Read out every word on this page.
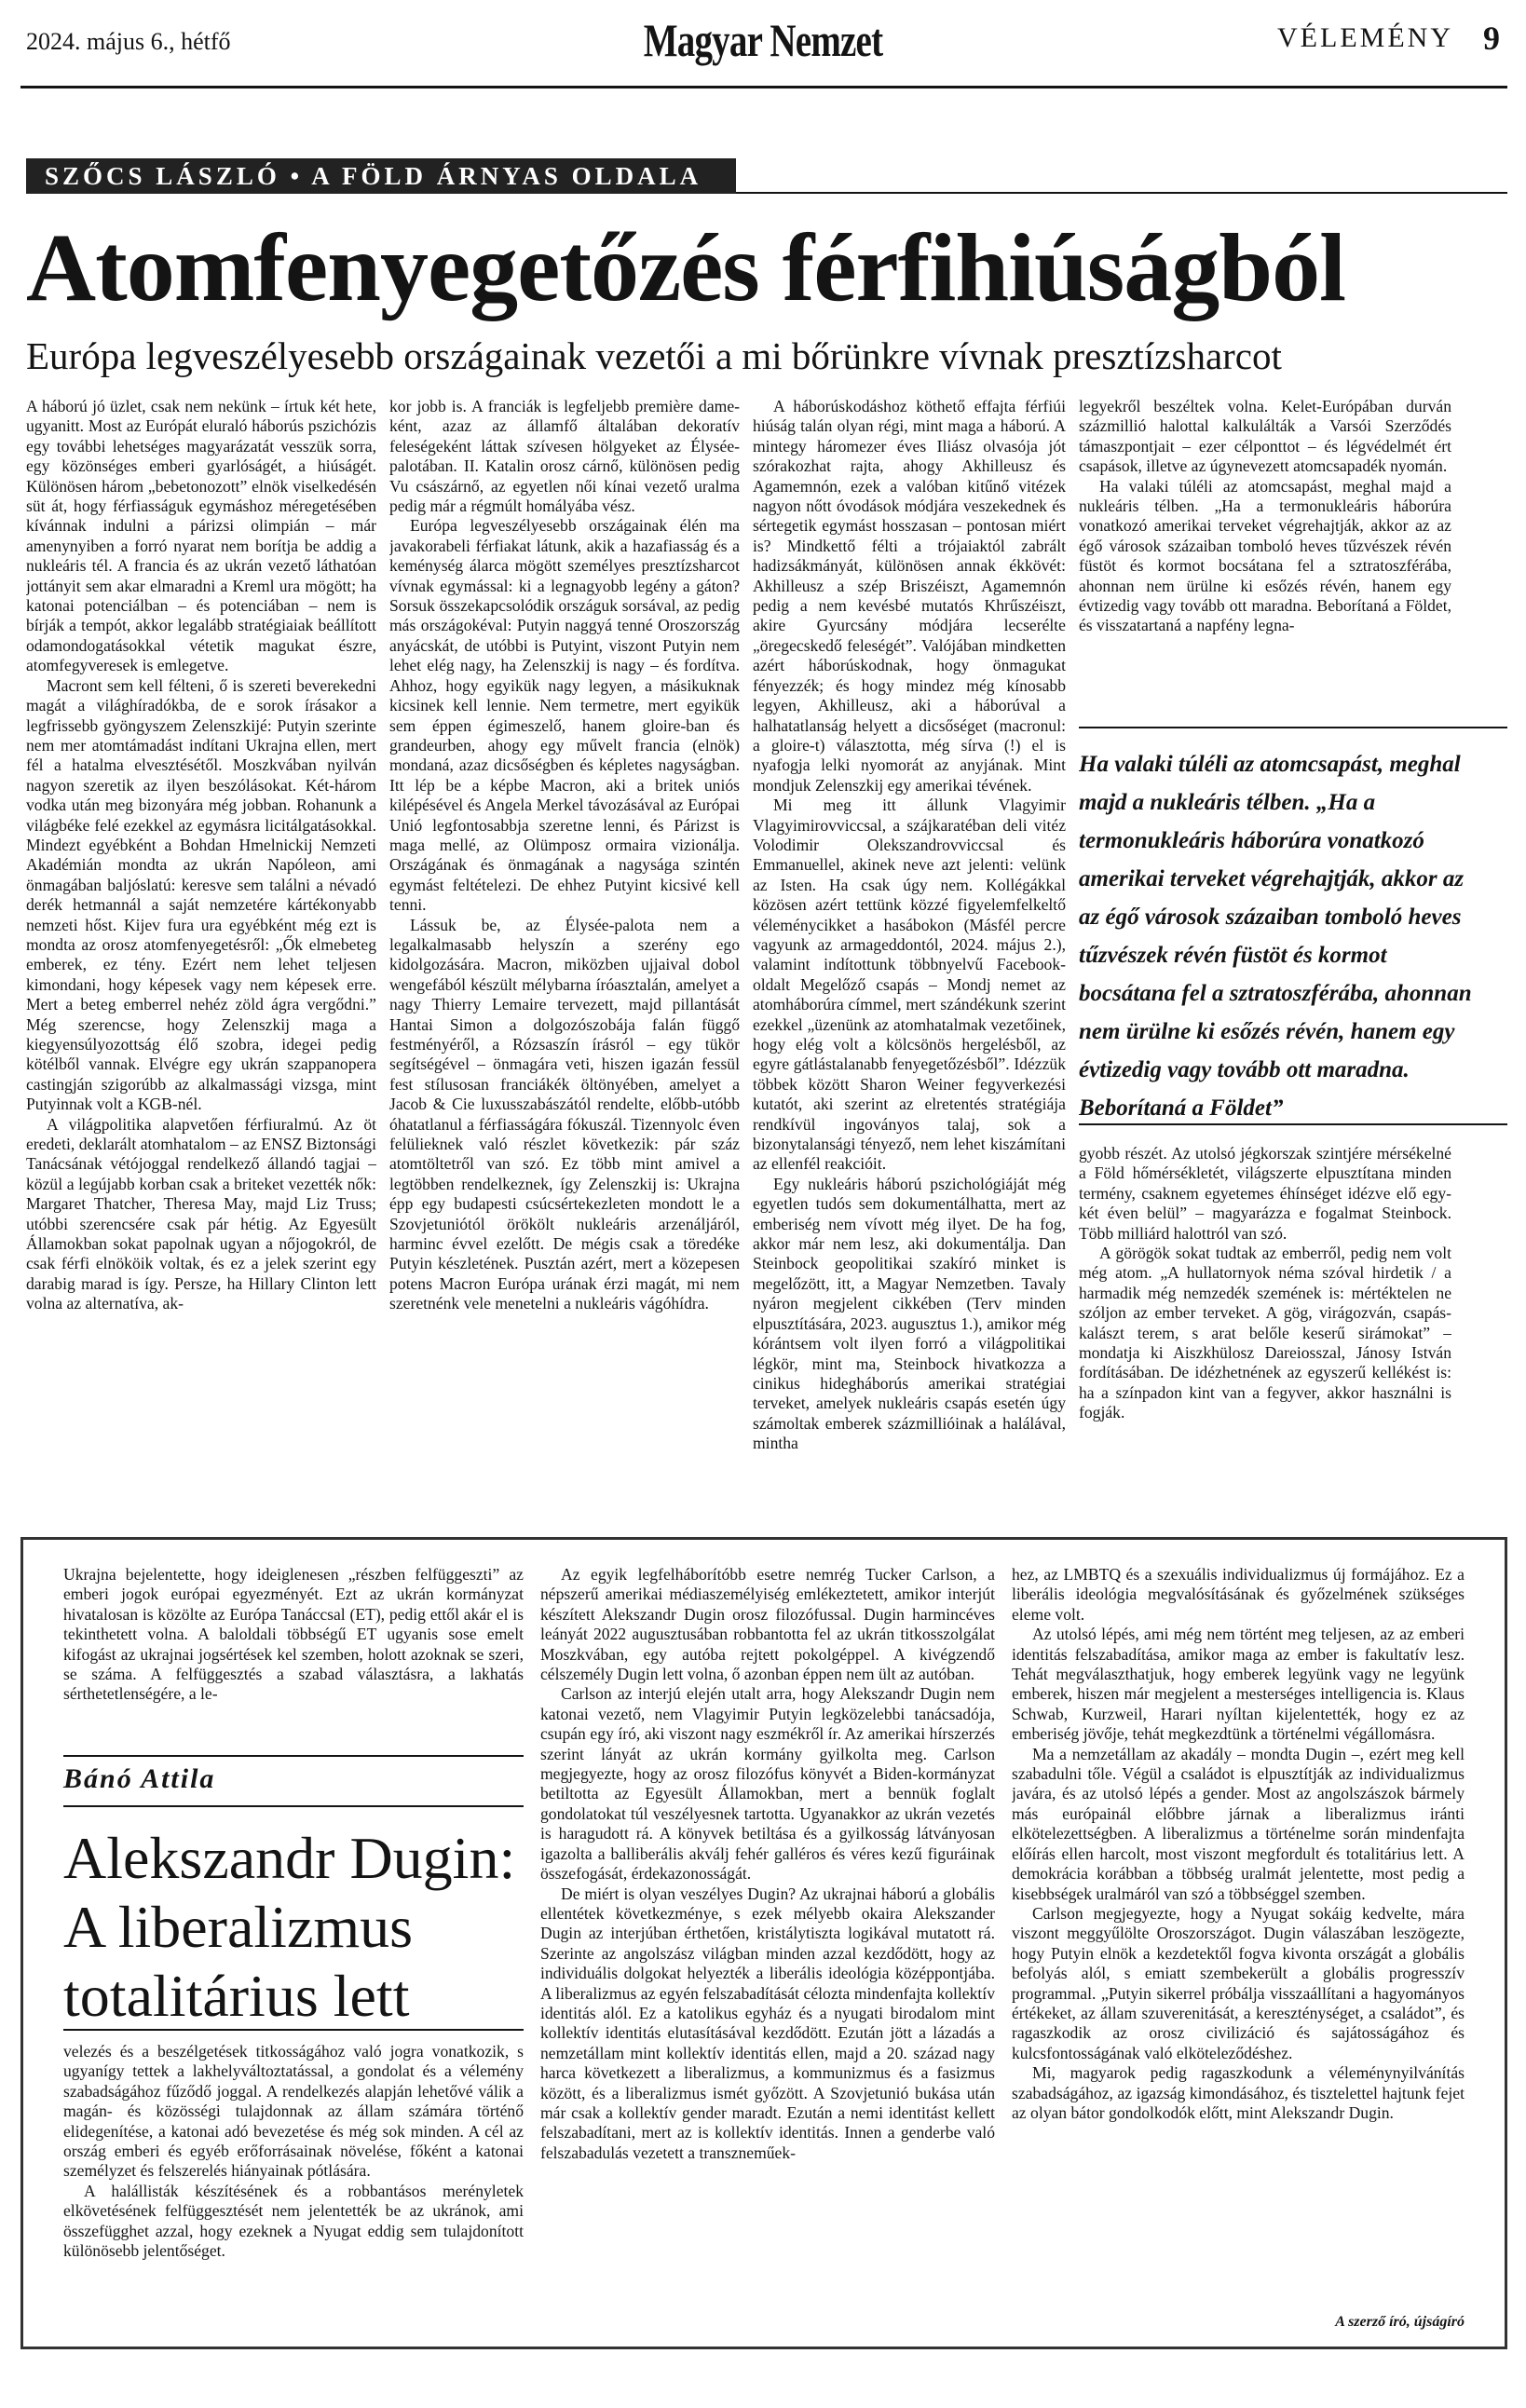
2024. május 6., hétfő	Magyar Nemzet	VÉLEMÉNY 9
SZŐCS LÁSZLÓ • A FÖLD ÁRNYAS OLDALA
Atomfenyegetőzés férfihiúságból
Európa legveszélyesebb országainak vezetői a mi bőrünkre vívnak presztízsharcot

A háború jó üzlet, csak nem nekünk – írtuk két hete, ugyanitt. Most az Európát eluraló háborús pszichózis egy további lehetséges magyarázatát vesszük sorra, egy közönséges emberi gyarlóságét, a hiúságét. Különösen három „bebetonozott” elnök viselkedésén süt át, hogy férfiasságuk egymáshoz méregetésében kívánnak indulni a párizsi olimpián – már amenynyiben a forró nyarat nem borítja be addig a nukleáris tél. A francia és az ukrán vezető láthatóan jottányit sem akar elmaradni a Kreml ura mögött; ha katonai potenciálban – és potenciában – nem is bírják a tempót, akkor legalább stratégiaiak beállított odamondogatásokkal vétetik magukat észre, atomfegyveresek is emlegetve.

Macront sem kell félteni, ő is szereti beverekedni magát a világhíradókba, de e sorok írásakor a legfrissebb gyöngyszem Zelenszkijé: Putyin szerinte nem mer atomtámadást indítani Ukrajna ellen, mert fél a hatalma elvesztésétől. Moszkvában nyilván nagyon szeretik az ilyen beszólásokat. Két-három vodka után meg bizonyára még jobban. Rohanunk a világbéke felé ezekkel az egymásra licitálgatásokkal. Mindezt egyébként a Bohdan Hmelnickij Nemzeti Akadémián mondta az ukrán Napóleon, ami önmagában baljóslatú: keresve sem találni a névadó derék hetmannál a saját nemzetére kártékonyabb nemzeti hőst. Kijev fura ura egyébként még ezt is mondta az orosz atomfenyegetésről: „Ők elmebeteg emberek, ez tény. Ezért nem lehet teljesen kimondani, hogy képesek vagy nem képesek erre. Mert a beteg emberrel nehéz zöld ágra vergődni.” Még szerencse, hogy Zelenszkij maga a kiegyensúlyozottság élő szobra, idegei pedig kötélből vannak. Elvégre egy ukrán szappanopera castingján szigorúbb az alkalmassági vizsga, mint Putyinnak volt a KGB-nél.

A világpolitika alapvetően férfiuralmú. Az öt eredeti, deklarált atomhatalom – az ENSZ Biztonsági Tanácsának vétójoggal rendelkező állandó tagjai – közül a legújabb korban csak a briteket vezették nők: Margaret Thatcher, Theresa May, majd Liz Truss; utóbbi szerencsére csak pár hétig. Az Egyesült Államokban sokat papolnak ugyan a nőjogokról, de csak férfi elnököik voltak, és ez a jelek szerint egy darabig marad is így. Persze, ha Hillary Clinton lett volna az alternatíva, ak-

kor jobb is. A franciák is legfeljebb première dame-ként, azaz az államfő általában dekoratív feleségeként láttak szívesen hölgyeket az Élysée-palotában. II. Katalin orosz cárnő, különösen pedig Vu császárnő, az egyetlen női kínai vezető uralma pedig már a régmúlt homályába vész.

Európa legveszélyesebb országainak élén ma javakorabeli férfiakat látunk, akik a hazafiasság és a keménység álarca mögött személyes presztízsharcot vívnak egymással: ki a legnagyobb legény a gáton? Sorsuk összekapcsolódik országuk sorsával, az pedig más országokéval: Putyin naggyá tenné Oroszország anyácskát, de utóbbi is Putyint, viszont Putyin nem lehet elég nagy, ha Zelenszkij is nagy – és fordítva. Ahhoz, hogy egyikük nagy legyen, a másikuknak kicsinek kell lennie. Nem termetre, mert egyikük sem éppen égimeszelő, hanem gloire-ban és grandeurben, ahogy egy művelt francia (elnök) mondaná, azaz dicsőségben és képletes nagyságban. Itt lép be a képbe Macron, aki a britek uniós kilépésével és Angela Merkel távozásával az Európai Unió legfontosabbja szeretne lenni, és Párizst is maga mellé, az Olümposz ormaira vizionálja. Országának és önmagának a nagysága szintén egymást feltételezi. De ehhez Putyint kicsivé kell tenni.

Lássuk be, az Élysée-palota nem a legalkalmasabb helyszín a szerény ego kidolgozására. Macron, miközben ujjaival dobol wengefából készült mélybarna íróasztalán, amelyet a nagy Thierry Lemaire tervezett, majd pillantását Hantai Simon a dolgozószobája falán függő festményéről, a Rózsaszín írásról – egy tükör segítségével – önmagára veti, hiszen igazán fessül fest stílusosan franciákék öltönyében, amelyet a Jacob & Cie luxusszabászától rendelte, előbb-utóbb óhatatlanul a férfiasságára fókuszál. Tizennyolc éven felülieknek való részlet következik: pár száz atomtöltetről van szó. Ez több mint amivel a legtöbben rendelkeznek, így Zelenszkij is: Ukrajna épp egy budapesti csúcsértekezleten mondott le a Szovjetuniótól örökölt nukleáris arzenáljáról, harminc évvel ezelőtt. De mégis csak a töredéke Putyin készletének. Pusztán azért, mert a közepesen potens Macron Európa urának érzi magát, mi nem szeretnénk vele menetelni a nukleáris vágóhídra.

A háborúskodáshoz köthető effajta férfiúi hiúság talán olyan régi, mint maga a háború. A mintegy háromezer éves Iliász olvasója jót szórakozhat rajta, ahogy Akhilleusz és Agamemnón, ezek a valóban kitűnő vitézek nagyon nőtt óvodások módjára veszekednek és sértegetik egymást hosszasan – pontosan miért is? Mindkettő félti a trójaiaktól zabrált hadizsákmányát, különösen annak ékkövét: Akhilleusz a szép Briszéiszt, Agamemnón pedig a nem kevésbé mutatós Khrűszéiszt, akire Gyurcsány módjára lecserélte „öregecskedő feleségét”. Valójában mindketten azért háborúskodnak, hogy önmagukat fényezzék; és hogy mindez még kínosabb legyen, Akhilleusz, aki a háborúval a halhatatlanság helyett a dicsőséget (macronul: a gloire-t) választotta, még sírva (!) el is nyafogja lelki nyomorát az anyjának. Mint mondjuk Zelenszkij egy amerikai tévének.

Mi meg itt állunk Vlagyimir Vlagyimirovviccsal, a szájkaratéban deli vitéz Volodimir Olekszandrovviccsal és Emmanuellel, akinek neve azt jelenti: velünk az Isten. Ha csak úgy nem. Kollégákkal közösen azért tettünk közzé figyelemfelkeltő véleménycikket a hasábokon (Másfél percre vagyunk az armageddontól, 2024. május 2.), valamint indítottunk többnyelvű Facebook-oldalt Megelőző csapás – Mondj nemet az atomháborúra címmel, mert szándékunk szerint ezekkel „üzenünk az atomhatalmak vezetőinek, hogy elég volt a kölcsönös hergelésből, az egyre gátlástalanabb fenyegetőzésből”. Idézzük többek között Sharon Weiner fegyverkezési kutatót, aki szerint az elretentés stratégiája rendkívül ingoványos talaj, sok a bizonytalansági tényező, nem lehet kiszámítani az ellenfél reakcióit.

Egy nukleáris háború pszichológiáját még egyetlen tudós sem dokumentálhatta, mert az emberiség nem vívott még ilyet. De ha fog, akkor már nem lesz, aki dokumentálja. Dan Steinbock geopolitikai szakíró minket is megelőzött, itt, a Magyar Nemzetben. Tavaly nyáron megjelent cikkében (Terv minden elpusztítására, 2023. augusztus 1.), amikor még kórántsem volt ilyen forró a világpolitikai légkör, mint ma, Steinbock hivatkozza a cinikus hidegháborús amerikai stratégiai terveket, amelyek nukleáris csapás esetén úgy számoltak emberek százmillióinak a halálával, mintha

legyekről beszéltek volna. Kelet-Európában durván százmillió halottal kalkulálták a Varsói Szerződés támaszpontjait – ezer célponttot – és légvédelmét ért csapások, illetve az úgynevezett atomcsapadék nyomán.

Ha valaki túléli az atomcsapást, meghal majd a nukleáris télben. „Ha a termonukleáris háborúra vonatkozó amerikai terveket végrehajtják, akkor az az égő városok százaiban tomboló heves tűzvészek révén füstöt és kormot bocsátana fel a sztratoszférába, ahonnan nem ürülne ki esőzés révén, hanem egy évtizedig vagy tovább ott maradna. Beborítaná a Földet, és visszatartaná a napfény legna-

Ha valaki túléli az atomcsapást, meghal majd a nukleáris télben. „Ha a termonukleáris háborúra vonatkozó amerikai terveket végrehajtják, akkor az az égő városok százaiban tomboló heves tűzvészek révén füstöt és kormot bocsátana fel a sztratoszférába, ahonnan nem ürülne ki esőzés révén, hanem egy évtizedig vagy tovább ott maradna. Beborítaná a Földet”

gyobb részét. Az utolsó jégkorszak szintjére mérsékelné a Föld hőmérsékletét, világszerte elpusztítana minden termény, csaknem egyetemes éhínséget idézve elő egy-két éven belül” – magyarázza e fogalmat Steinbock. Több milliárd halottról van szó.

A görögök sokat tudtak az emberről, pedig nem volt még atom. „A hullatornyok néma szóval hirdetik / a harmadik még nemzedék szemének is: mértéktelen ne szóljon az ember terveket. A gög, virágozván, csapás-kalászt terem, s arat belőle keserű sirámokat” – mondatja ki Aiszkhülosz Dareiosszal, Jánosy István fordításában. De idézhetnének az egyszerű kellékést is: ha a színpadon kint van a fegyver, akkor használni is fogják.

Ukrajna bejelentette, hogy ideiglenesen „részben felfüggeszti” az emberi jogok európai egyezményét. Ezt az ukrán kormányzat hivatalosan is közölte az Európa Tanáccsal (ET), pedig ettől akár el is tekinthetett volna. A baloldali többségű ET ugyanis sose emelt kifogást az ukrajnai jogsértések kel szemben, holott azoknak se szeri, se száma. A felfüggesztés a szabad választásra, a lakhatás sérthetetlenségére, a le-

Bánó Attila
Alekszandr Dugin: A liberalizmus totalitárius lett

velezés és a beszélgetések titkosságához való jogra vonatkozik, s ugyanígy tettek a lakhelyváltoztatással, a gondolat és a vélemény szabadságához fűződő joggal. A rendelkezés alapján lehetővé válik a magán- és közösségi tulajdonnak az állam számára történő elidegenítése, a katonai adó bevezetése és még sok minden. A cél az ország emberi és egyéb erőforrásainak növelése, főként a katonai személyzet és felszerelés hiányainak pótlására.

A halállisták készítésének és a robbantásos merényletek elkövetésének felfüggesztését nem jelentették be az ukránok, ami összefügghet azzal, hogy ezeknek a Nyugat eddig sem tulajdonított különösebb jelentőséget.

Az egyik legfelháborítóbb esetre nemrég Tucker Carlson, a népszerű amerikai médiaszemélyiség emlékeztetett, amikor interjút készített Alekszandr Dugin orosz filozófussal. Dugin harmincéves leányát 2022 augusztusában robbantotta fel az ukrán titkosszolgálat Moszkvában, egy autóba rejtett pokolgéppel. A kivégzendő célszemély Dugin lett volna, ő azonban éppen nem ült az autóban.

Carlson az interjú elején utalt arra, hogy Alekszandr Dugin nem katonai vezető, nem Vlagyimir Putyin legközelebbi tanácsadója, csupán egy író, aki viszont nagy eszmékről ír. Az amerikai hírszerzés szerint lányát az ukrán kormány gyilkolta meg. Carlson megjegyezte, hogy az orosz filozófus könyvét a Biden-kormányzat betiltotta az Egyesült Államokban, mert a bennük foglalt gondolatokat túl veszélyesnek tartotta. Ugyanakkor az ukrán vezetés is haragudott rá. A könyvek betiltása és a gyilkosság látványosan igazolta a balliberális akválj fehér galléros és véres kezű figuráinak összefogását, érdekazonosságát.

De miért is olyan veszélyes Dugin? Az ukrajnai háború a globális ellentétek következménye, s ezek mélyebb okaira Alekszander Dugin az interjúban érthetően, kristálytiszta logikával mutatott rá. Szerinte az angolszász világban minden azzal kezdődött, hogy az individuális dolgokat helyezték a liberális ideológia középpontjába. A liberalizmus az egyén felszabadítását célozta mindenfajta kollektív identitás alól. Ez a katolikus egyház és a nyugati birodalom mint kollektív identitás elutasításával kezdődött. Ezután jött a lázadás a nemzetállam mint kollektív identitás ellen, majd a 20. század nagy harca következett a liberalizmus, a kommunizmus és a fasizmus között, és a liberalizmus ismét győzött. A Szovjetunió bukása után már csak a kollektív gender maradt. Ezután a nemi identitást kellett felszabadítani, mert az is kollektív identitás. Innen a genderbe való felszabadulás vezetett a transzneműek-

hez, az LMBTQ és a szexuális individualizmus új formájához. Ez a liberális ideológia megvalósításának és győzelmének szükséges eleme volt.

Az utolsó lépés, ami még nem történt meg teljesen, az az emberi identitás felszabadítása, amikor maga az ember is fakultatív lesz. Tehát megválaszthatjuk, hogy emberek legyünk vagy ne legyünk emberek, hiszen már megjelent a mesterséges intelligencia is. Klaus Schwab, Kurzweil, Harari nyíltan kijelentették, hogy ez az emberiség jövője, tehát megkezdtünk a történelmi végállomásra.

Ma a nemzetállam az akadály – mondta Dugin –, ezért meg kell szabadulni tőle. Végül a családot is elpusztítják az individualizmus javára, és az utolsó lépés a gender. Most az angolszászok bármely más európainál előbbre járnak a liberalizmus iránti elkötelezettségben. A liberalizmus a történelme során mindenfajta előírás ellen harcolt, most viszont megfordult és totalitárius lett. A demokrácia korábban a többség uralmát jelentette, most pedig a kisebbségek uralmáról van szó a többséggel szemben.

Carlson megjegyezte, hogy a Nyugat sokáig kedvelte, mára viszont meggyűlölte Oroszországot. Dugin válaszában leszögezte, hogy Putyin elnök a kezdetektől fogva kivonta országát a globális befolyás alól, s emiatt szembekerült a globális progresszív programmal. „Putyin sikerrel próbálja visszaállítani a hagyományos értékeket, az állam szuverenitását, a kereszténységet, a családot”, és ragaszkodik az orosz civilizáció és sajátosságához és kulcsfontosságának való elköteleződéshez.

Mi, magyarok pedig ragaszkodunk a véleménynyilvánítás szabadságához, az igazság kimondásához, és tisztelettel hajtunk fejet az olyan bátor gondolkodók előtt, mint Alekszandr Dugin.

A szerző író, újságíró
